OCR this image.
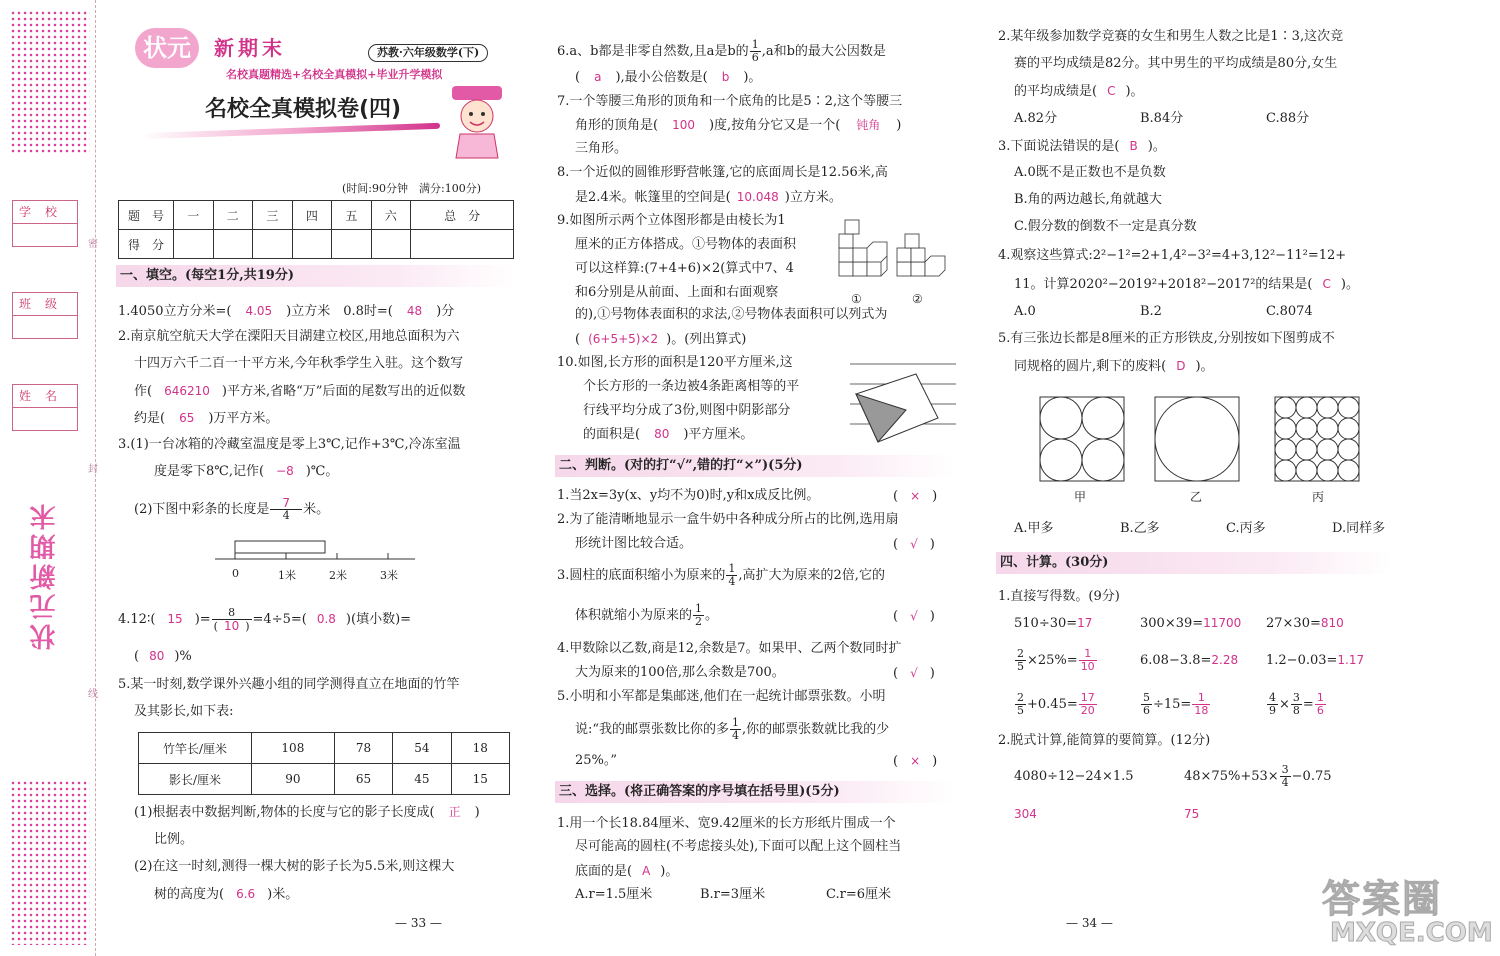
密
封
线
学校
班级
姓名
状元新期末
状元	新期末	苏教·六年级数学(下)
名校真题精选+名校全真模拟+毕业升学模拟
名校全真模拟卷(四)
(时间:90分钟　满分:100分)
题　号	一	二	三	四	五	六	总　分
得　分							
一、填空。(每空1分,共19分)
1.4050立方分米=( 4.05 )立方米　0.8时=( 48 )分
2.南京航空航天大学在溧阳天目湖建立校区,用地总面积为六
十四万六千二百一十平方米,今年秋季学生入驻。这个数写
作( 646210 )平方米,省略“万”后面的尾数写出的近似数
约是( 65 )万平方米。
3.(1)一台冰箱的冷藏室温度是零上3℃,记作+3℃,冷冻室温
度是零下8℃,记作( −8 )℃。
(2)下图中彩条的长度是 $\frac{7}{4}$ 米。
0	1米	2米	3米
4.12∶( 15 )= $\frac{8}{( 10 )} =4\div 5=$( 0.8 )(填小数)=
( 80 )%
5.某一时刻,数学课外兴趣小组的同学测得直立在地面的竹竿
及其影长,如下表:
竹竿长/厘米	108	78	54	18
影长/厘米	90	65	45	15
(1)根据表中数据判断,物体的长度与它的影子长度成( 正 )
比例。
(2)在这一时刻,测得一棵大树的影子长为5.5米,则这棵大
树的高度为( 6.6 )米。
— 33 —
6.a、b都是非零自然数,且a是b的 $\frac{1}{6} ,a$和b的最大公因数是
( a ),最小公倍数是( b )。
7.一个等腰三角形的顶角和一个底角的比是5∶2,这个等腰三
角形的顶角是( 100 )度,按角分它又是一个( 钝角 )
三角形。
8.一个近似的圆锥形野营帐篷,它的底面周长是12.56米,高
是2.4米。帐篷里的空间是( 10.048 )立方米。
9.如图所示两个立体图形都是由棱长为1
厘米的正方体搭成。①号物体的表面积
可以这样算:(7+4+6)×2(算式中7、4
和6分别是从前面、上面和右面观察
的),①号物体表面积的求法,②号物体表面积可以列式为
( (6+5+5)×2 )。(列出算式)
①	②
10.如图,长方形的面积是120平方厘米,这
个长方形的一条边被4条距离相等的平
行线平均分成了3份,则图中阴影部分
的面积是( 80 )平方厘米。
二、判断。(对的打“√”,错的打“×”)(5分)
1.当2x=3y(x、y均不为0)时,y和x成反比例。	( × )
2.为了能清晰地显示一盒牛奶中各种成分所占的比例,选用扇
形统计图比较合适。	( √ )
3.圆柱的底面积缩小为原来的 $\frac{1}{4}$ ,高扩大为原来的2倍,它的
体积就缩小为原来的 $\frac{1}{2}$ 。	( √ )
4.甲数除以乙数,商是12,余数是7。如果甲、乙两个数同时扩
大为原来的100倍,那么余数是700。	( √ )
5.小明和小军都是集邮迷,他们在一起统计邮票张数。小明
说:“我的邮票张数比你的多 $\frac{1}{4}$ ,你的邮票张数就比我的少
25%。”	( × )
三、选择。(将正确答案的序号填在括号里)(5分)
1.用一个长18.84厘米、宽9.42厘米的长方形纸片围成一个
尽可能高的圆柱(不考虑接头处),下面可以配上这个圆柱当
底面的是( A )。
A.r=1.5厘米	B.r=3厘米	C.r=6厘米
2.某年级参加数学竞赛的女生和男生人数之比是1∶3,这次竞
赛的平均成绩是82分。其中男生的平均成绩是80分,女生
的平均成绩是( C )。
A.82分	B.84分	C.88分
3.下面说法错误的是( B )。
A.0既不是正数也不是负数
B.角的两边越长,角就越大
C.假分数的倒数不一定是真分数
4.观察这些算式:2²−1²=2+1,4²−3²=4+3,12²−11²=12+
11。计算2020²−2019²+2018²−2017²的结果是( C )。
A.0	B.2	C.8074
5.有三张边长都是8厘米的正方形铁皮,分别按如下图剪成不
同规格的圆片,剩下的废料( D )。
甲	乙	丙
A.甲多	B.乙多	C.丙多	D.同样多
四、计算。(30分)
1.直接写得数。(9分)
510÷30=17	300×39=11700 27×30=810
$\frac{2}{5} \times 25\%= \frac{1}{10}$	6.08−3.8=2.28 1.2−0.03=1.17
$\frac{2}{5} +0.45= \frac{17}{20}$	$\frac{5}{6} \div 15= \frac{1}{18}$	$\frac{4}{9} \times \frac{3}{8} = \frac{1}{6}$
2.脱式计算,能简算的要简算。(12分)
4080÷12−24×1.5
304
$48\times 75\%+53\times \frac{3}{4} -0.75$
75
— 34 —
答案圈
MXQE.COM
